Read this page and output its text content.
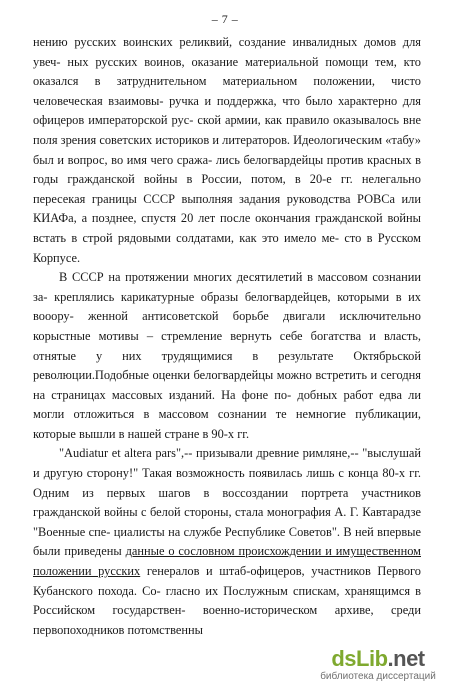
– 7 –

нению русских воинских реликвий, создание инвалидных домов для увеч- ных русских воинов, оказание материальной помощи тем, кто оказался в затруднительном материальном положении, чисто человеческая взаимовы- ручка и поддержка, что было характерно для офицеров императорской рус- ской армии, как правило оказывалось вне поля зрения советских историков и литераторов. Идеологическим «табу» был и вопрос, во имя чего сража- лись белогвардейцы против красных в годы гражданской войны в России, потом, в 20-е гг. нелегально пересекая границы СССР выполняя задания руководства РОВСа или КИАФа, а позднее, спустя 20 лет после окончания гражданской войны встать в строй рядовыми солдатами, как это имело ме- сто в Русском Корпусе.

В СССР на протяжении многих десятилетий в массовом сознании за- креплялись карикатурные образы белогвардейцев, которыми в их вооору- женной антисоветской борьбе двигали исключительно корыстные мотивы – стремление вернуть себе богатства и власть, отнятые у них трудящимися в результате Октябрьской революции.Подобные оценки белогвардейцы можно встретить и сегодня на страницах массовых изданий. На фоне по- добных работ едва ли могли отложиться в массовом сознании те немногие публикации, которые вышли в нашей стране в 90-х гг.

"Audiatur et altera pars",-- призывали древние римляне,-- "выслушай и другую сторону!" Такая возможность появилась лишь с конца 80-х гг. Одним из первых шагов в воссоздании портрета участников гражданской войны с белой стороны, стала монография А. Г. Кавтарадзе "Военные спе- циалисты на службе Республике Советов". В ней впервые были приведены данные о сословном происхождении и имущественном положении русских генералов и штаб-офицеров, участников Первого Кубанского похода. Со- гласно их Послужным спискам, хранящимся в Российском государствен- военно-историческом архиве, среди первопоходников потомственны

dsLib.net
библиотека диссертаций
